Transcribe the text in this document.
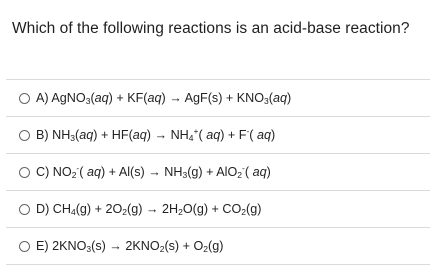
Which of the following reactions is an acid-base reaction?
A) AgNO$_3$(aq) + $KF(aq) \to AgF(s) + KNO_3(aq)$
B) $NH_3(aq) + HF(aq) \to NH_4^+$( aq) + F-( aq)
C) $NO_2^-$( $aq) + Al(s) \to NH_3(g) + AlO_2^-$( aq)
D) $CH_4(g) + 2O_2(g) \to 2H_2O(g) + CO_2(g)$
E) $2KNO_3(s) \to 2KNO_2(s) + O_2(g)$
